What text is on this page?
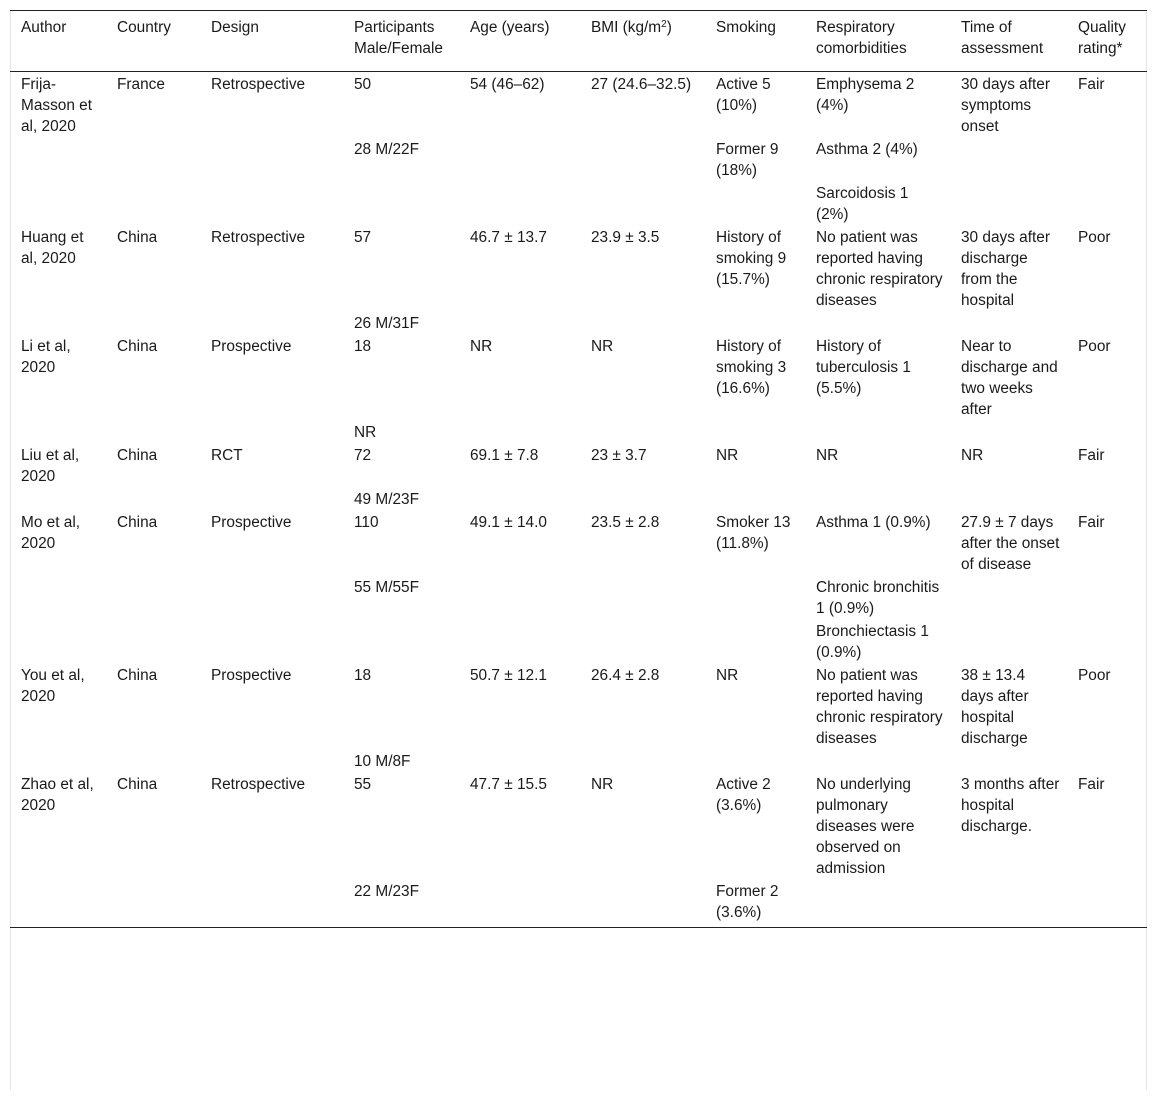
Author	Country	Design	Participants Male/Female	Age (years)	BMI $(kg/m^2)$	Smoking	Respiratory comorbidities	Time of assessment	Quality rating*
Frija-Masson et al, 2020	France	Retrospective	50	54 (46–62)	27 (24.6–32.5)	Active 5 (10%)	Emphysema 2 (4%)	30 days after symptoms onset	Fair
			28 M/22F			Former 9 (18%)	Asthma 2 (4%)		
							Sarcoidosis 1 (2%)		
Huang et al, 2020	China	Retrospective	57	46.7 ± 13.7	23.9 ± 3.5	History of smoking 9 (15.7%)	No patient was reported having chronic respiratory diseases	30 days after discharge from the hospital	Poor
			26 M/31F						
Li et al, 2020	China	Prospective	18	NR	NR	History of smoking 3 (16.6%)	History of tuberculosis 1 (5.5%)	Near to discharge and two weeks after	Poor
			NR						
Liu et al, 2020	China	RCT	72	69.1 ± 7.8	23 ± 3.7	NR	NR	NR	Fair
			49 M/23F						
Mo et al, 2020	China	Prospective	110	49.1 ± 14.0	23.5 ± 2.8	Smoker 13 (11.8%)	Asthma 1 (0.9%)	27.9 ± 7 days after the onset of disease	Fair
			55 M/55F				Chronic bronchitis 1 (0.9%)		
							Bronchiectasis 1 (0.9%)		
You et al, 2020	China	Prospective	18	50.7 ± 12.1	26.4 ± 2.8	NR	No patient was reported having chronic respiratory diseases	38 ± 13.4 days after hospital discharge	Poor
			10 M/8F						
Zhao et al, 2020	China	Retrospective	55	47.7 ± 15.5	NR	Active 2 (3.6%)	No underlying pulmonary diseases were observed on admission	3 months after hospital discharge.	Fair
			22 M/23F			Former 2 (3.6%)			
